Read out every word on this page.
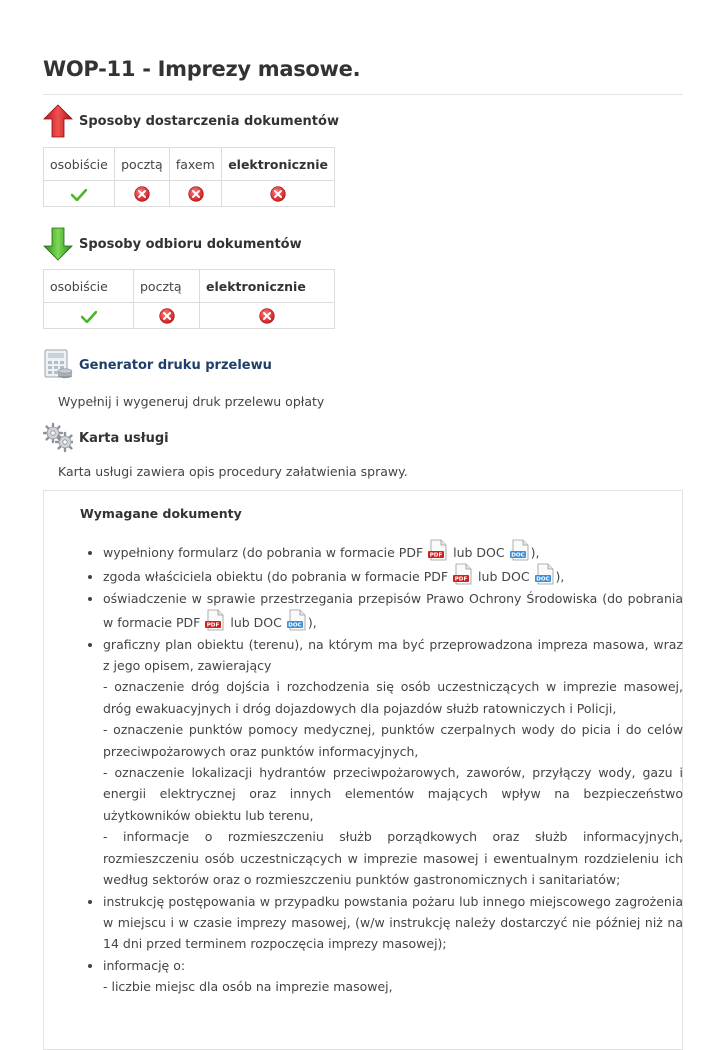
WOP-11 - Imprezy masowe.
Sposoby dostarczenia dokumentów
osobiście	pocztą	faxem	elektronicznie

Sposoby odbioru dokumentów
osobiście	pocztą	elektronicznie

Generator druku przelewu

Wypełnij i wygeneruj druk przelewu opłaty

Karta usługi

Karta usługi zawiera opis procedury załatwienia sprawy.

Wymagane dokumenty
• wypełniony formularz (do pobrania w formacie PDF PDF lub DOC DOC ),
• zgoda właściciela obiektu (do pobrania w formacie PDF PDF lub DOC DOC ),
• oświadczenie w sprawie przestrzegania przepisów Prawo Ochrony Środowiska (do pobrania w formacie PDF PDF lub DOC DOC ),
• graficzny plan obiektu (terenu), na którym ma być przeprowadzona impreza masowa, wraz z jego opisem, zawierający
- oznaczenie dróg dojścia i rozchodzenia się osób uczestniczących w imprezie masowej, dróg ewakuacyjnych i dróg dojazdowych dla pojazdów służb ratowniczych i Policji,
- oznaczenie punktów pomocy medycznej, punktów czerpalnych wody do picia i do celów przeciwpożarowych oraz punktów informacyjnych,
- oznaczenie lokalizacji hydrantów przeciwpożarowych, zaworów, przyłączy wody, gazu i energii elektrycznej oraz innych elementów mających wpływ na bezpieczeństwo użytkowników obiektu lub terenu,
- informacje o rozmieszczeniu służb porządkowych oraz służb informacyjnych, rozmieszczeniu osób uczestniczących w imprezie masowej i ewentualnym rozdzieleniu ich według sektorów oraz o rozmieszczeniu punktów gastronomicznych i sanitariatów;
• instrukcję postępowania w przypadku powstania pożaru lub innego miejscowego zagrożenia w miejscu i w czasie imprezy masowej, (w/w instrukcję należy dostarczyć nie później niż na 14 dni przed terminem rozpoczęcia imprezy masowej);
• informację o:
- liczbie miejsc dla osób na imprezie masowej,
